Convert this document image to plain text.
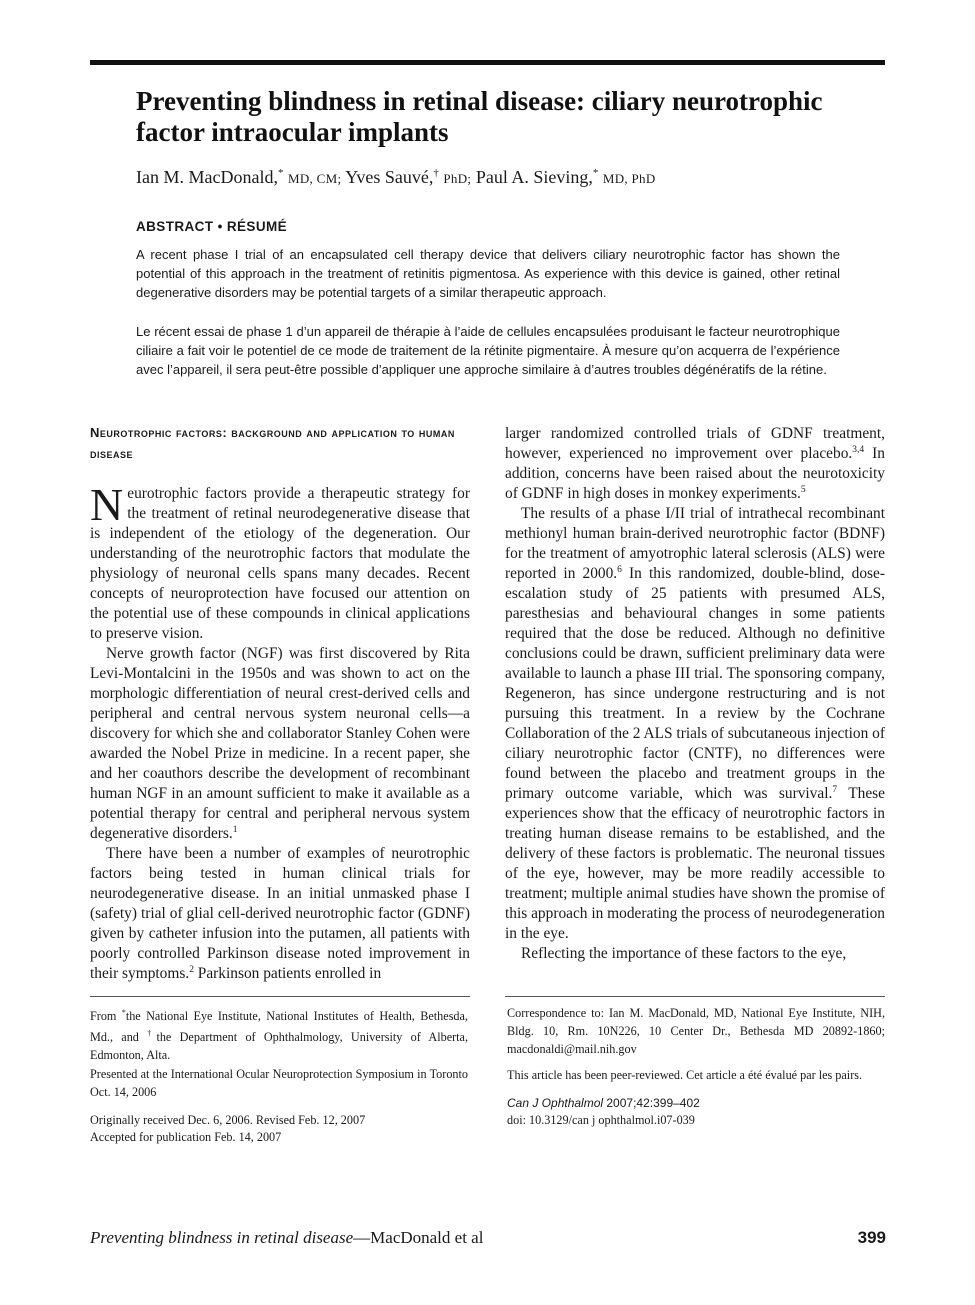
Preventing blindness in retinal disease: ciliary neurotrophic factor intraocular implants
Ian M. MacDonald,* MD, CM; Yves Sauvé,† PhD; Paul A. Sieving,* MD, PhD
ABSTRACT • RÉSUMÉ

A recent phase I trial of an encapsulated cell therapy device that delivers ciliary neurotrophic factor has shown the potential of this approach in the treatment of retinitis pigmentosa. As experience with this device is gained, other retinal degenerative disorders may be potential targets of a similar therapeutic approach.

Le récent essai de phase 1 d’un appareil de thérapie à l’aide de cellules encapsulées produisant le facteur neurotrophique ciliaire a fait voir le potentiel de ce mode de traitement de la rétinite pigmentaire. À mesure qu’on acquerra de l’expérience avec l’appareil, il sera peut-être possible d’appliquer une approche similaire à d’autres troubles dégénératifs de la rétine.

Neurotrophic factors: background and application to human disease

Neurotrophic factors provide a therapeutic strategy for the treatment of retinal neurodegenerative disease that is independent of the etiology of the degeneration. Our understanding of the neurotrophic factors that modulate the physiology of neuronal cells spans many decades. Recent concepts of neuroprotection have focused our attention on the potential use of these compounds in clinical applications to preserve vision.

Nerve growth factor (NGF) was first discovered by Rita Levi-Montalcini in the 1950s and was shown to act on the morphologic differentiation of neural crest-derived cells and peripheral and central nervous system neuronal cells—a discovery for which she and collaborator Stanley Cohen were awarded the Nobel Prize in medicine. In a recent paper, she and her coauthors describe the development of recombinant human NGF in an amount sufficient to make it available as a potential therapy for central and peripheral nervous system degenerative disorders.$^1$

There have been a number of examples of neurotrophic factors being tested in human clinical trials for neurodegenerative disease. In an initial unmasked phase I (safety) trial of glial cell-derived neurotrophic factor (GDNF) given by catheter infusion into the putamen, all patients with poorly controlled Parkinson disease noted improvement in their symptoms.$^2$ Parkinson patients enrolled in

larger randomized controlled trials of GDNF treatment, however, experienced no improvement over placebo.$^{3,4}$ In addition, concerns have been raised about the neurotoxicity of GDNF in high doses in monkey experiments.$^5$

The results of a phase I/II trial of intrathecal recombinant methionyl human brain-derived neurotrophic factor (BDNF) for the treatment of amyotrophic lateral sclerosis (ALS) were reported in 2000.$^6$ In this randomized, double-blind, dose-escalation study of 25 patients with presumed ALS, paresthesias and behavioural changes in some patients required that the dose be reduced. Although no definitive conclusions could be drawn, sufficient preliminary data were available to launch a phase III trial. The sponsoring company, Regeneron, has since undergone restructuring and is not pursuing this treatment. In a review by the Cochrane Collaboration of the 2 ALS trials of subcutaneous injection of ciliary neurotrophic factor (CNTF), no differences were found between the placebo and treatment groups in the primary outcome variable, which was survival.$^7$ These experiences show that the efficacy of neurotrophic factors in treating human disease remains to be established, and the delivery of these factors is problematic. The neuronal tissues of the eye, however, may be more readily accessible to treatment; multiple animal studies have shown the promise of this approach in moderating the process of neurodegeneration in the eye.

Reflecting the importance of these factors to the eye,

From *the National Eye Institute, National Institutes of Health, Bethesda, Md., and †the Department of Ophthalmology, University of Alberta, Edmonton, Alta.

Presented at the International Ocular Neuroprotection Symposium in Toronto Oct. 14, 2006

Originally received Dec. 6, 2006. Revised Feb. 12, 2007

Accepted for publication Feb. 14, 2007

Correspondence to: Ian M. MacDonald, MD, National Eye Institute, NIH, Bldg. 10, Rm. 10N226, 10 Center Dr., Bethesda MD 20892-1860; macdonaldi@mail.nih.gov

This article has been peer-reviewed. Cet article a été évalué par les pairs.

Can J Ophthalmol 2007;42:399–402

doi: 10.3129/can j ophthalmol.i07-039

Preventing blindness in retinal disease—MacDonald et al	399
